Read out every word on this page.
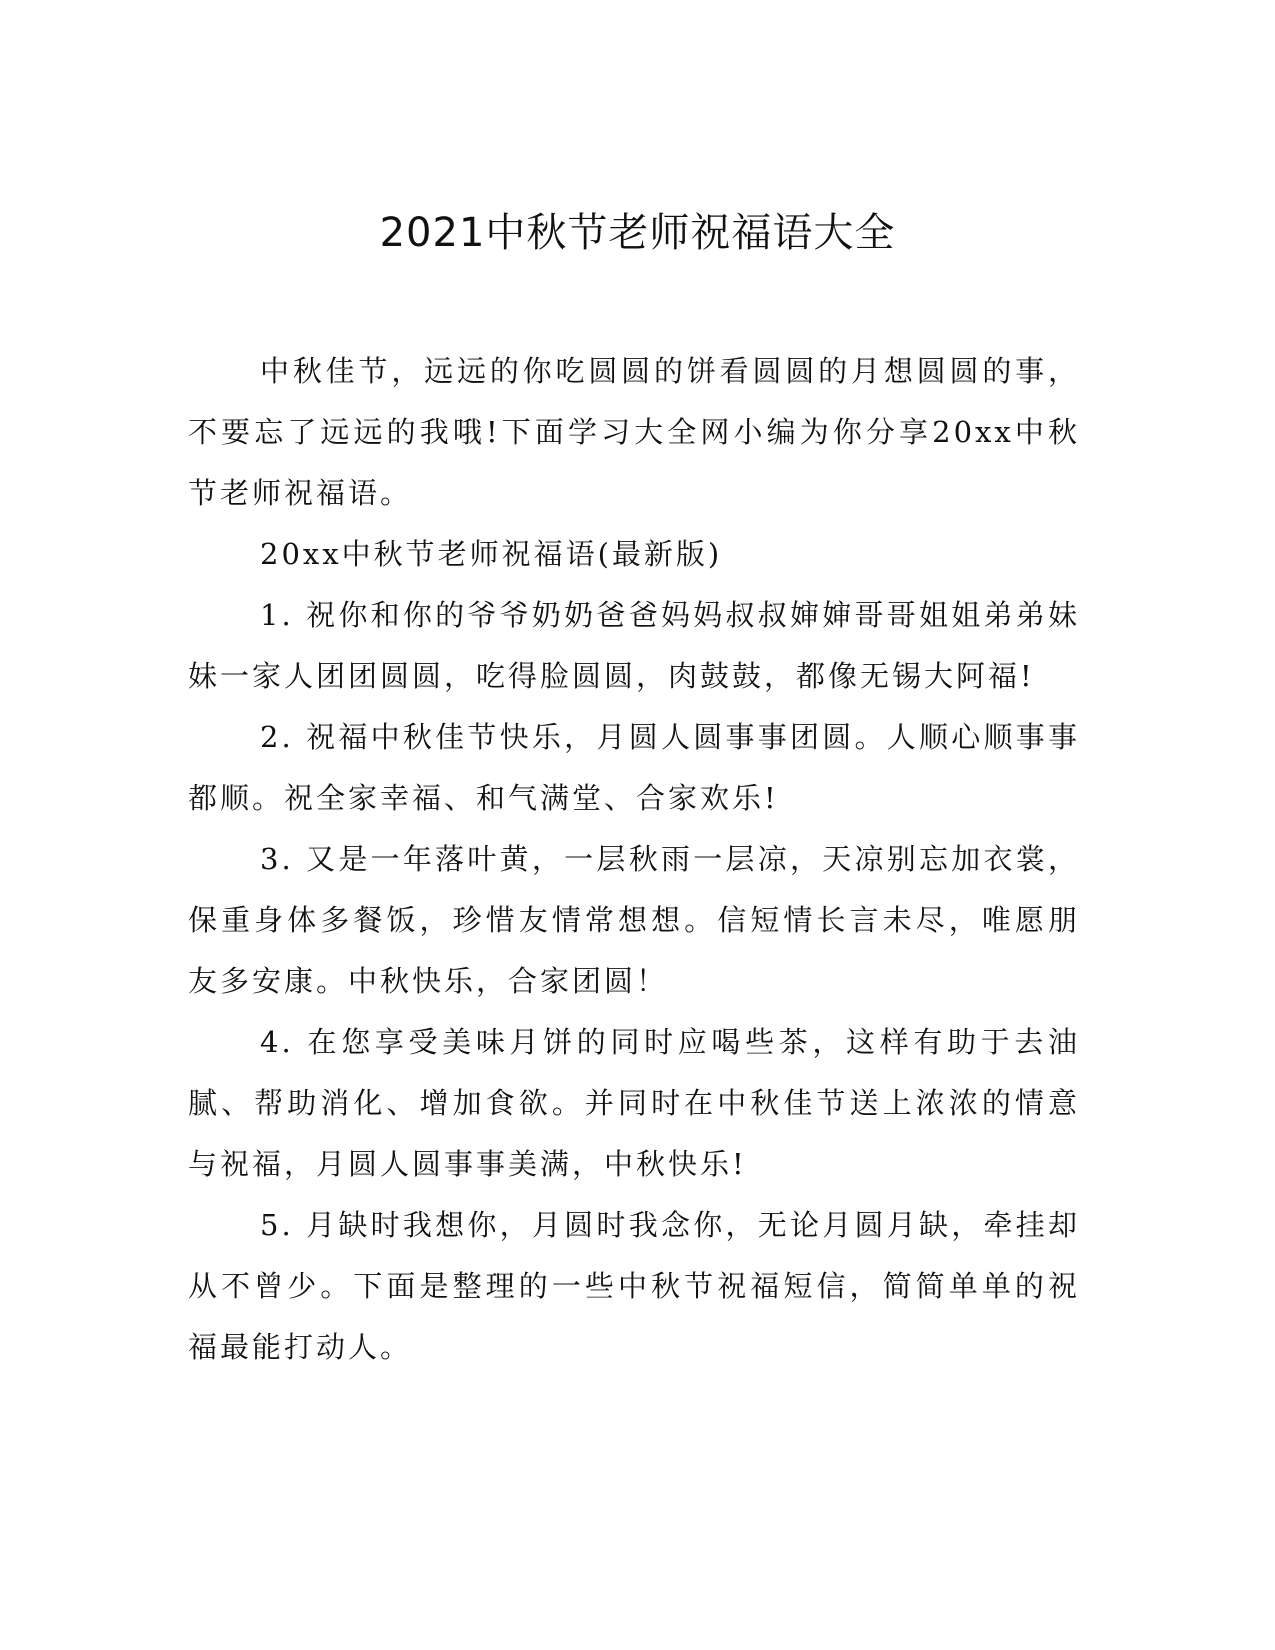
2021中秋节老师祝福语大全

中秋佳节，远远的你吃圆圆的饼看圆圆的月想圆圆的事，不要忘了远远的我哦!下面学习大全网小编为你分享20xx中秋节老师祝福语。

20xx中秋节老师祝福语(最新版)

1. 祝你和你的爷爷奶奶爸爸妈妈叔叔婶婶哥哥姐姐弟弟妹妹一家人团团圆圆，吃得脸圆圆，肉鼓鼓，都像无锡大阿福!

2. 祝福中秋佳节快乐，月圆人圆事事团圆。人顺心顺事事都顺。祝全家幸福、和气满堂、合家欢乐!

3. 又是一年落叶黄，一层秋雨一层凉，天凉别忘加衣裳，保重身体多餐饭，珍惜友情常想想。信短情长言未尽，唯愿朋友多安康。中秋快乐，合家团圆！

4. 在您享受美味月饼的同时应喝些茶，这样有助于去油腻、帮助消化、增加食欲。并同时在中秋佳节送上浓浓的情意与祝福，月圆人圆事事美满，中秋快乐!

5. 月缺时我想你，月圆时我念你，无论月圆月缺，牵挂却从不曾少。下面是整理的一些中秋节祝福短信，简简单单的祝福最能打动人。
